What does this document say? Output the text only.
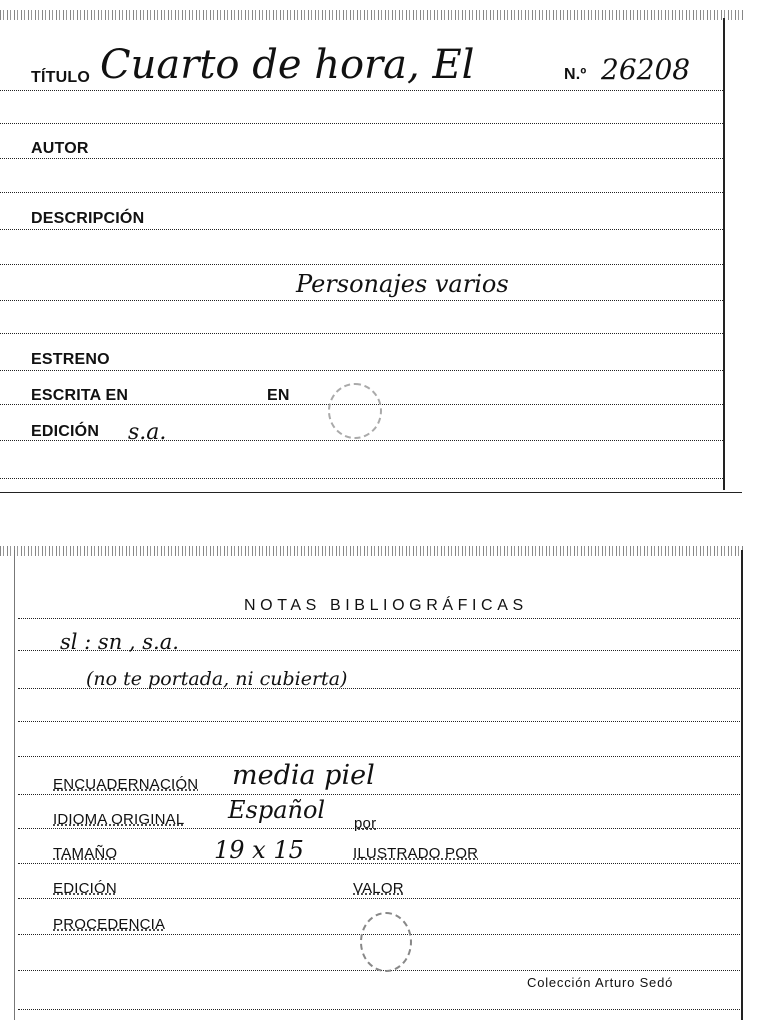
TÍTULO Cuarto de hora, El	N.º 26208
AUTOR
DESCRIPCIÓN
Personajes varios
ESTRENO
ESCRITA EN	EN
EDICIÓN s.a.
NOTAS BIBLIOGRÁFICAS
sl : sn , s.a.
(no te portada, ni cubierta)
ENCUADERNACIÓN media piel
IDIOMA ORIGINAL Español por
TAMAÑO	19 x 15	ILUSTRADO POR
EDICIÓN	VALOR
PROCEDENCIA
Colección Arturo Sedó
